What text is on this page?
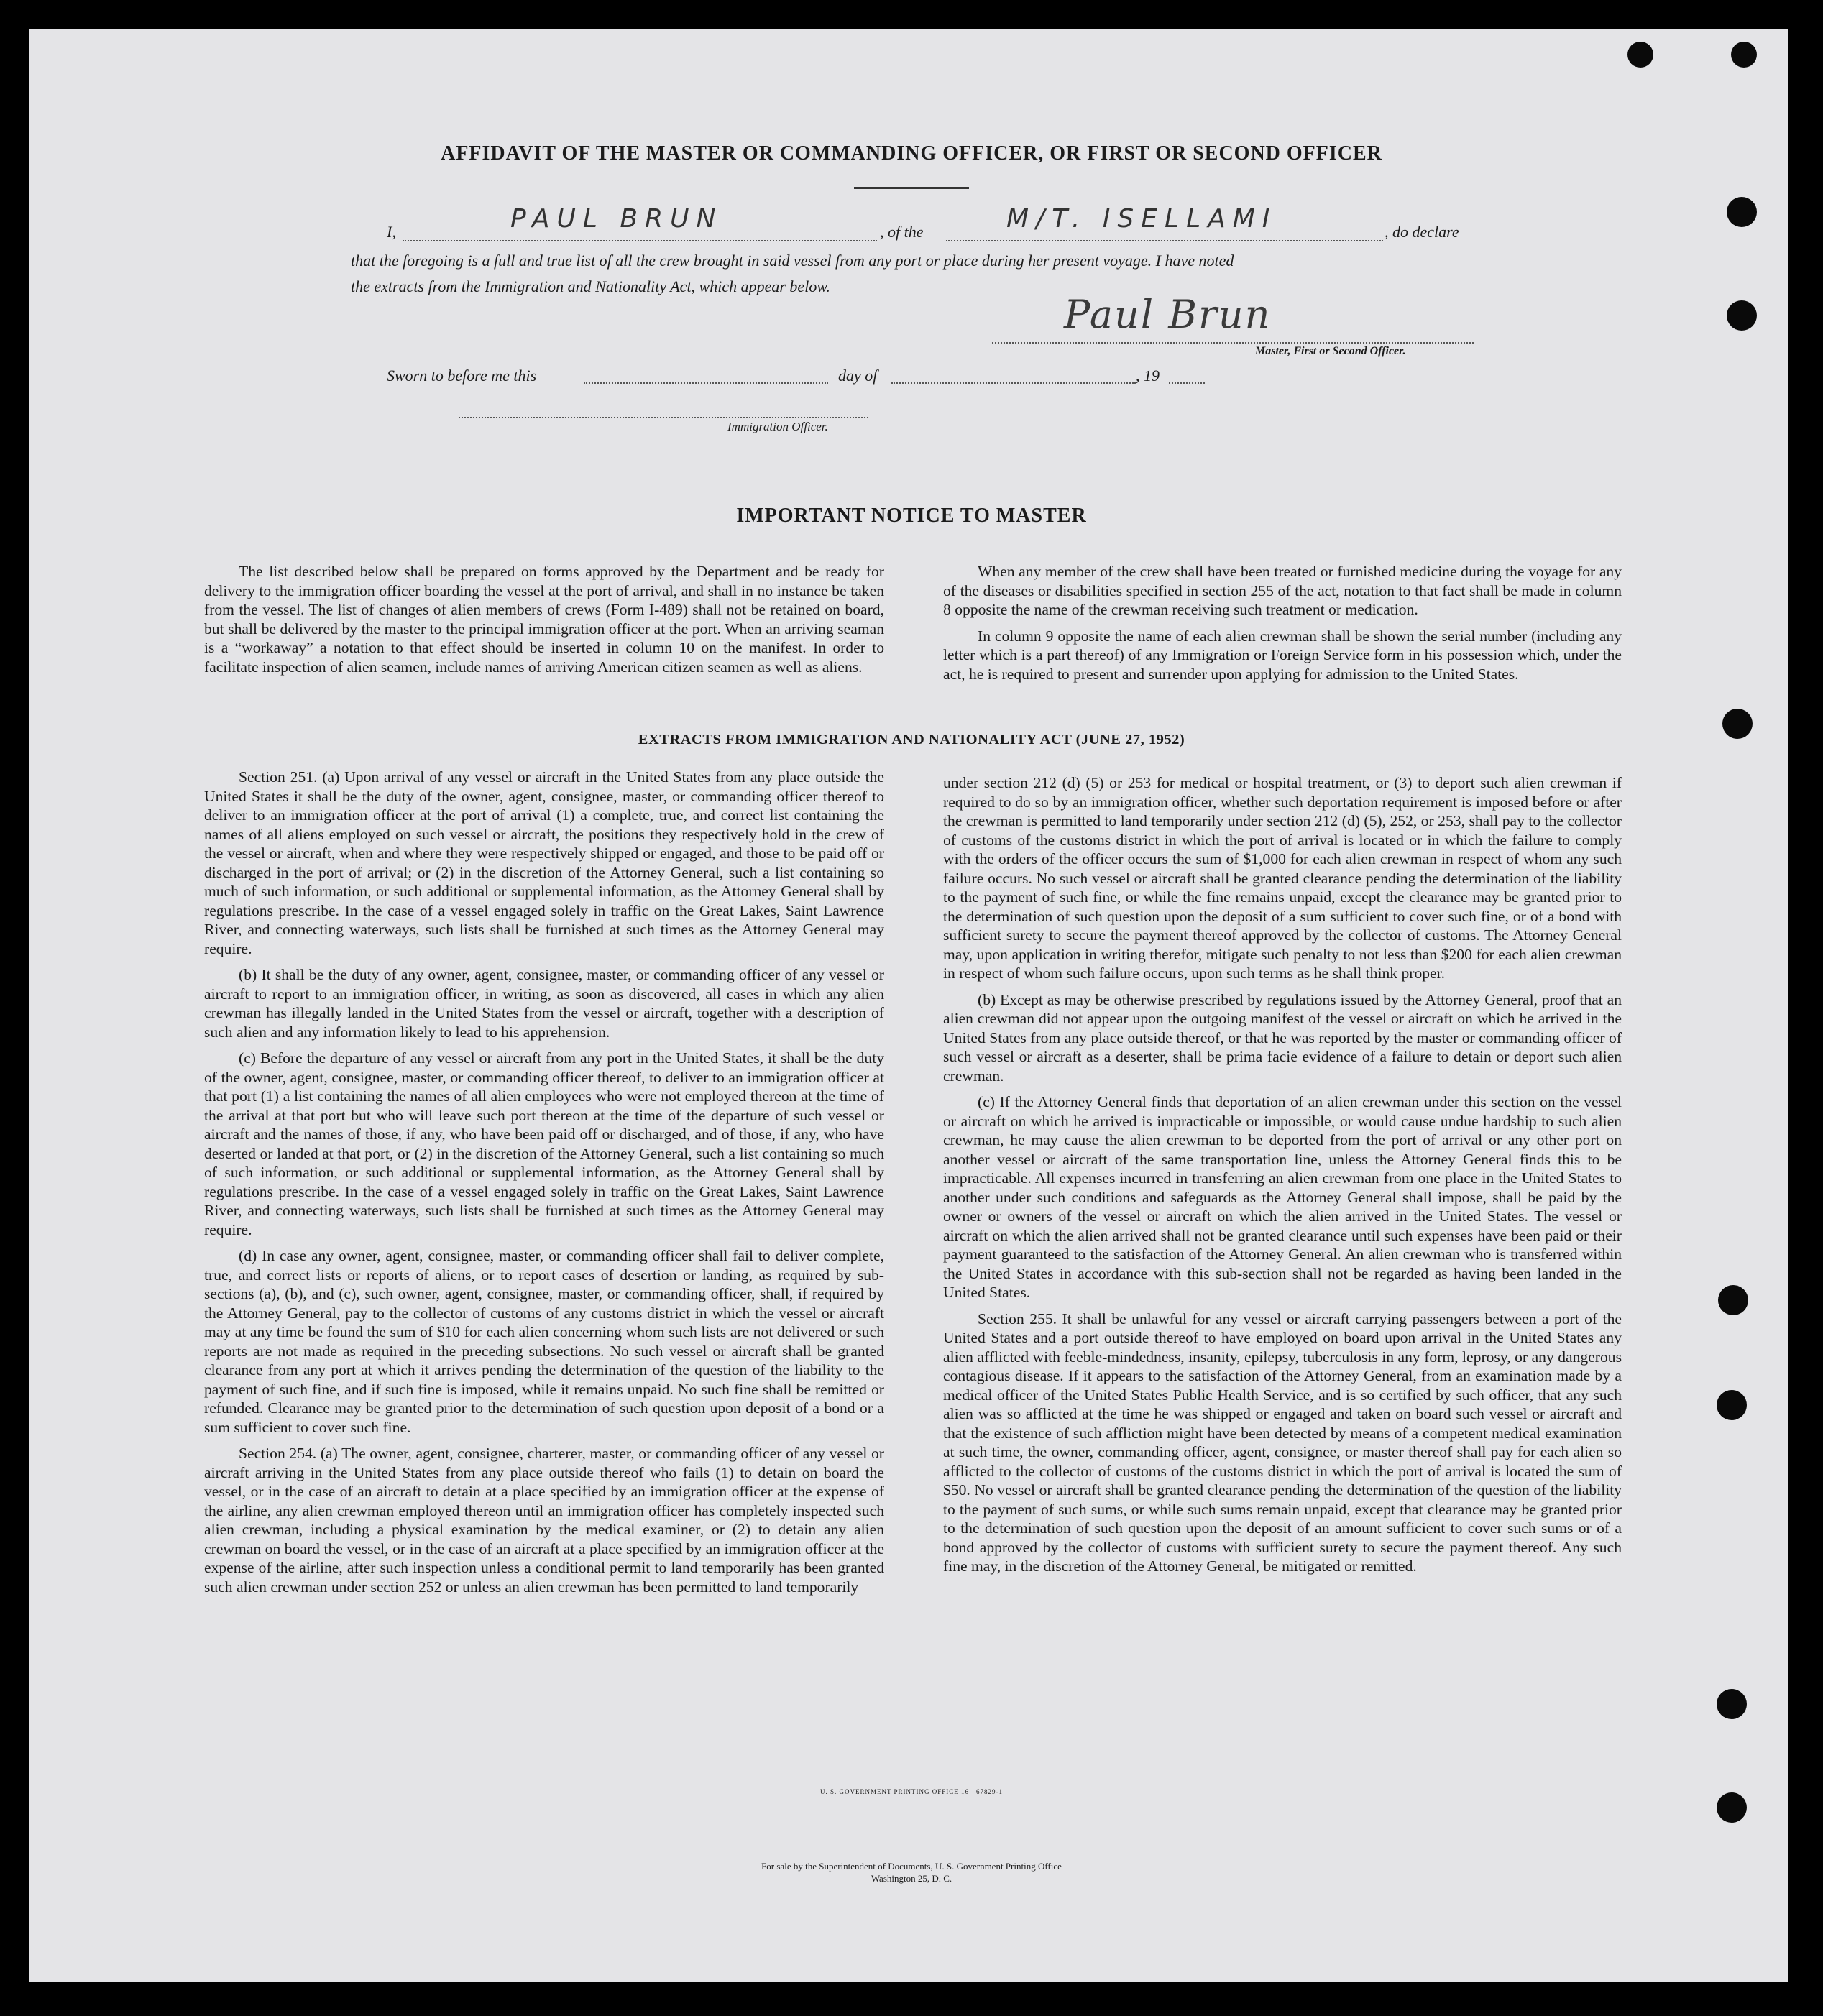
AFFIDAVIT OF THE MASTER OR COMMANDING OFFICER, OR FIRST OR SECOND OFFICER
I,	PAUL BRUN	, of the	M/T. ISELLAMI	, do declare
that the foregoing is a full and true list of all the crew brought in said vessel from any port or place during her present voyage. I have noted
the extracts from the Immigration and Nationality Act, which appear below.
Paul Brun
Master, First or Second Officer.
Sworn to before me this	day of	, 19
Immigration Officer.
IMPORTANT NOTICE TO MASTER

The list described below shall be prepared on forms approved by the Department and be ready for delivery to the immigration officer boarding the vessel at the port of arrival, and shall in no instance be taken from the vessel. The list of changes of alien members of crews (Form I-489) shall not be retained on board, but shall be delivered by the master to the principal immigration officer at the port. When an arriving seaman is a “workaway” a notation to that effect should be inserted in column 10 on the manifest. In order to facilitate inspection of alien seamen, include names of arriving American citizen seamen as well as aliens.

When any member of the crew shall have been treated or furnished medicine during the voyage for any of the diseases or disabilities specified in section 255 of the act, notation to that fact shall be made in column 8 opposite the name of the crewman receiving such treatment or medication.

In column 9 opposite the name of each alien crewman shall be shown the serial number (including any letter which is a part thereof) of any Immigration or Foreign Service form in his possession which, under the act, he is required to present and surrender upon applying for admission to the United States.

EXTRACTS FROM IMMIGRATION AND NATIONALITY ACT (JUNE 27, 1952)

Section 251. (a) Upon arrival of any vessel or aircraft in the United States from any place outside the United States it shall be the duty of the owner, agent, consignee, master, or commanding officer thereof to deliver to an immigration officer at the port of arrival (1) a complete, true, and correct list containing the names of all aliens employed on such vessel or aircraft, the positions they respectively hold in the crew of the vessel or aircraft, when and where they were respectively shipped or engaged, and those to be paid off or discharged in the port of arrival; or (2) in the discretion of the Attorney General, such a list containing so much of such information, or such additional or supplemental information, as the Attorney General shall by regulations prescribe. In the case of a vessel engaged solely in traffic on the Great Lakes, Saint Lawrence River, and connecting waterways, such lists shall be furnished at such times as the Attorney General may require.

(b) It shall be the duty of any owner, agent, consignee, master, or commanding officer of any vessel or aircraft to report to an immigration officer, in writing, as soon as discovered, all cases in which any alien crewman has illegally landed in the United States from the vessel or aircraft, together with a description of such alien and any information likely to lead to his apprehension.

(c) Before the departure of any vessel or aircraft from any port in the United States, it shall be the duty of the owner, agent, consignee, master, or commanding officer thereof, to deliver to an immigration officer at that port (1) a list containing the names of all alien employees who were not employed thereon at the time of the arrival at that port but who will leave such port thereon at the time of the departure of such vessel or aircraft and the names of those, if any, who have been paid off or discharged, and of those, if any, who have deserted or landed at that port, or (2) in the discretion of the Attorney General, such a list containing so much of such information, or such additional or supplemental information, as the Attorney General shall by regulations prescribe. In the case of a vessel engaged solely in traffic on the Great Lakes, Saint Lawrence River, and connecting waterways, such lists shall be furnished at such times as the Attorney General may require.

(d) In case any owner, agent, consignee, master, or commanding officer shall fail to deliver complete, true, and correct lists or reports of aliens, or to report cases of desertion or landing, as required by sub-sections (a), (b), and (c), such owner, agent, consignee, master, or commanding officer, shall, if required by the Attorney General, pay to the collector of customs of any customs district in which the vessel or aircraft may at any time be found the sum of $10 for each alien concerning whom such lists are not delivered or such reports are not made as required in the preceding subsections. No such vessel or aircraft shall be granted clearance from any port at which it arrives pending the determination of the question of the liability to the payment of such fine, and if such fine is imposed, while it remains unpaid. No such fine shall be remitted or refunded. Clearance may be granted prior to the determination of such question upon deposit of a bond or a sum sufficient to cover such fine.

Section 254. (a) The owner, agent, consignee, charterer, master, or commanding officer of any vessel or aircraft arriving in the United States from any place outside thereof who fails (1) to detain on board the vessel, or in the case of an aircraft to detain at a place specified by an immigration officer at the expense of the airline, any alien crewman employed thereon until an immigration officer has completely inspected such alien crewman, including a physical examination by the medical examiner, or (2) to detain any alien crewman on board the vessel, or in the case of an aircraft at a place specified by an immigration officer at the expense of the airline, after such inspection unless a conditional permit to land temporarily has been granted such alien crewman under section 252 or unless an alien crewman has been permitted to land temporarily

under section 212 (d) (5) or 253 for medical or hospital treatment, or (3) to deport such alien crewman if required to do so by an immigration officer, whether such deportation requirement is imposed before or after the crewman is permitted to land temporarily under section 212 (d) (5), 252, or 253, shall pay to the collector of customs of the customs district in which the port of arrival is located or in which the failure to comply with the orders of the officer occurs the sum of $1,000 for each alien crewman in respect of whom any such failure occurs. No such vessel or aircraft shall be granted clearance pending the determination of the liability to the payment of such fine, or while the fine remains unpaid, except the clearance may be granted prior to the determination of such question upon the deposit of a sum sufficient to cover such fine, or of a bond with sufficient surety to secure the payment thereof approved by the collector of customs. The Attorney General may, upon application in writing therefor, mitigate such penalty to not less than $200 for each alien crewman in respect of whom such failure occurs, upon such terms as he shall think proper.

(b) Except as may be otherwise prescribed by regulations issued by the Attorney General, proof that an alien crewman did not appear upon the outgoing manifest of the vessel or aircraft on which he arrived in the United States from any place outside thereof, or that he was reported by the master or commanding officer of such vessel or aircraft as a deserter, shall be prima facie evidence of a failure to detain or deport such alien crewman.

(c) If the Attorney General finds that deportation of an alien crewman under this section on the vessel or aircraft on which he arrived is impracticable or impossible, or would cause undue hardship to such alien crewman, he may cause the alien crewman to be deported from the port of arrival or any other port on another vessel or aircraft of the same transportation line, unless the Attorney General finds this to be impracticable. All expenses incurred in transferring an alien crewman from one place in the United States to another under such conditions and safeguards as the Attorney General shall impose, shall be paid by the owner or owners of the vessel or aircraft on which the alien arrived in the United States. The vessel or aircraft on which the alien arrived shall not be granted clearance until such expenses have been paid or their payment guaranteed to the satisfaction of the Attorney General. An alien crewman who is transferred within the United States in accordance with this sub-section shall not be regarded as having been landed in the United States.

Section 255. It shall be unlawful for any vessel or aircraft carrying passengers between a port of the United States and a port outside thereof to have employed on board upon arrival in the United States any alien afflicted with feeble-mindedness, insanity, epilepsy, tuberculosis in any form, leprosy, or any dangerous contagious disease. If it appears to the satisfaction of the Attorney General, from an examination made by a medical officer of the United States Public Health Service, and is so certified by such officer, that any such alien was so afflicted at the time he was shipped or engaged and taken on board such vessel or aircraft and that the existence of such affliction might have been detected by means of a competent medical examination at such time, the owner, commanding officer, agent, consignee, or master thereof shall pay for each alien so afflicted to the collector of customs of the customs district in which the port of arrival is located the sum of $50. No vessel or aircraft shall be granted clearance pending the determination of the question of the liability to the payment of such sums, or while such sums remain unpaid, except that clearance may be granted prior to the determination of such question upon the deposit of an amount sufficient to cover such sums or of a bond approved by the collector of customs with sufficient surety to secure the payment thereof. Any such fine may, in the discretion of the Attorney General, be mitigated or remitted.

U. S. GOVERNMENT PRINTING OFFICE 16—67829-1
For sale by the Superintendent of Documents, U. S. Government Printing Office
Washington 25, D. C.
